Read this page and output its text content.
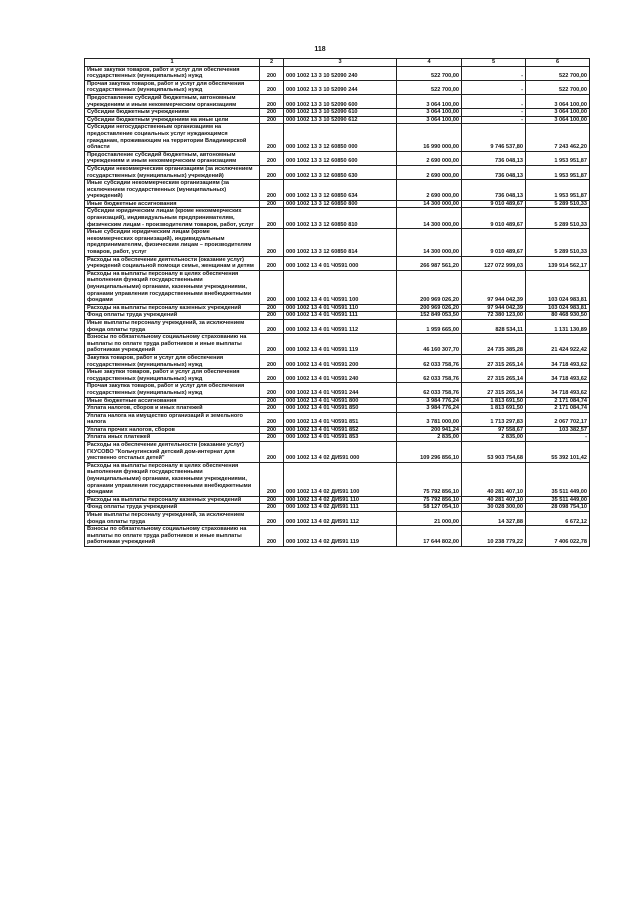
118
1	2	3	4	5	6
Иные закупки товаров, работ и услуг для обеспечения государственных (муниципальных) нужд	200	000 1002 13 3 10 52090 240	522 700,00	-	522 700,00
Прочая закупка товаров, работ и услуг для обеспечения государственных (муниципальных) нужд	200	000 1002 13 3 10 52090 244	522 700,00	-	522 700,00
Предоставление субсидий бюджетным, автономным учреждениям и иным некоммерческим организациям	200	000 1002 13 3 10 52090 600	3 064 100,00	-	3 064 100,00
Субсидии бюджетным учреждениям	200	000 1002 13 3 10 52090 610	3 064 100,00	-	3 064 100,00
Субсидии бюджетным учреждениям на иные цели	200	000 1002 13 3 10 52090 612	3 064 100,00	-	3 064 100,00
Субсидии негосударственным организациям на предоставление социальных услуг нуждающимся гражданам, проживающим на территории Владимирской области	200	000 1002 13 3 12 60850 000	16 990 000,00	9 746 537,80	7 243 462,20
Предоставление субсидий бюджетным, автономным учреждениям и иным некоммерческим организациям	200	000 1002 13 3 12 60850 600	2 690 000,00	736 048,13	1 953 951,87
Субсидии некоммерческим организациям (за исключением государственных (муниципальных) учреждений)	200	000 1002 13 3 12 60850 630	2 690 000,00	736 048,13	1 953 951,87
Иные субсидии некоммерческим организациям (за исключением государственных (муниципальных) учреждений)	200	000 1002 13 3 12 60850 634	2 690 000,00	736 048,13	1 953 951,87
Иные бюджетные ассигнования	200	000 1002 13 3 12 60850 800	14 300 000,00	9 010 489,67	5 289 510,33
Субсидии юридическим лицам (кроме некоммерческих организаций), индивидуальным предпринимателям, физическим лицам - производителям товаров, работ, услуг	200	000 1002 13 3 12 60850 810	14 300 000,00	9 010 489,67	5 289 510,33
Иные субсидии юридическим лицам (кроме некоммерческих организаций), индивидуальным предпринимателям, физическим лицам – производителям товаров, работ, услуг	200	000 1002 13 3 12 60850 814	14 300 000,00	9 010 489,67	5 289 510,33
Расходы на обеспечение деятельности (оказание услуг) учреждений социальной помощи семье, женщинам и детям	200	000 1002 13 4 01 Ч0591 000	266 987 561,20	127 072 999,03	139 914 562,17
Расходы на выплаты персоналу в целях обеспечения выполнения функций государственными (муниципальными) органами, казенными учреждениями, органами управления государственными внебюджетными фондами	200	000 1002 13 4 01 Ч0591 100	200 969 026,20	97 944 042,39	103 024 983,81
Расходы на выплаты персоналу казенных учреждений	200	000 1002 13 4 01 Ч0591 110	200 969 026,20	97 944 042,39	103 024 983,81
Фонд оплаты труда учреждений	200	000 1002 13 4 01 Ч0591 111	152 849 053,50	72 380 123,00	80 468 930,50
Иные выплаты персоналу учреждений, за исключением фонда оплаты труда	200	000 1002 13 4 01 Ч0591 112	1 959 665,00	828 534,11	1 131 130,89
Взносы по обязательному социальному страхованию на выплаты по оплате труда работников и иные выплаты работникам учреждений	200	000 1002 13 4 01 Ч0591 119	46 160 307,70	24 735 385,28	21 424 922,42
Закупка товаров, работ и услуг для обеспечения государственных (муниципальных) нужд	200	000 1002 13 4 01 Ч0591 200	62 033 758,76	27 315 265,14	34 718 493,62
Иные закупки товаров, работ и услуг для обеспечения государственных (муниципальных) нужд	200	000 1002 13 4 01 Ч0591 240	62 033 758,76	27 315 265,14	34 718 493,62
Прочая закупка товаров, работ и услуг для обеспечения государственных (муниципальных) нужд	200	000 1002 13 4 01 Ч0591 244	62 033 758,76	27 315 265,14	34 718 493,62
Иные бюджетные ассигнования	200	000 1002 13 4 01 Ч0591 800	3 984 776,24	1 813 691,50	2 171 084,74
Уплата налогов, сборов и иных платежей	200	000 1002 13 4 01 Ч0591 850	3 984 776,24	1 813 691,50	2 171 084,74
Уплата налога на имущество организаций и земельного налога	200	000 1002 13 4 01 Ч0591 851	3 781 000,00	1 713 297,83	2 067 702,17
Уплата прочих налогов, сборов	200	000 1002 13 4 01 Ч0591 852	200 941,24	97 558,67	103 382,57
Уплата иных платежей	200	000 1002 13 4 01 Ч0591 853	2 835,00	2 835,00	-
Расходы на обеспечение деятельности (оказание услуг) ГКУСОВО "Кольчугинский детский дом-интернат для умственно отсталых детей"	200	000 1002 13 4 02 ДИ591 000	109 296 856,10	53 903 754,68	55 392 101,42
Расходы на выплаты персоналу в целях обеспечения выполнения функций государственными (муниципальными) органами, казенными учреждениями, органами управления государственными внебюджетными фондами	200	000 1002 13 4 02 ДИ591 100	75 792 856,10	40 281 407,10	35 511 449,00
Расходы на выплаты персоналу казенных учреждений	200	000 1002 13 4 02 ДИ591 110	75 792 856,10	40 281 407,10	35 511 449,00
Фонд оплаты труда учреждений	200	000 1002 13 4 02 ДИ591 111	58 127 054,10	30 028 300,00	28 098 754,10
Иные выплаты персоналу учреждений, за исключением фонда оплаты труда	200	000 1002 13 4 02 ДИ591 112	21 000,00	14 327,88	6 672,12
Взносы по обязательному социальному страхованию на выплаты по оплате труда работников и иные выплаты работникам учреждений	200	000 1002 13 4 02 ДИ591 119	17 644 802,00	10 238 779,22	7 406 022,78
